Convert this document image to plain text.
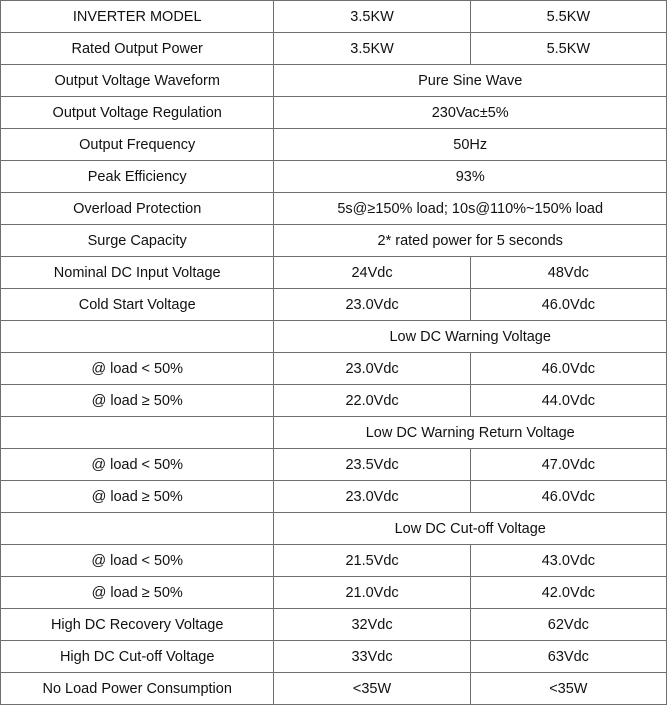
INVERTER MODEL	3.5KW	5.5KW
Rated Output Power	3.5KW	5.5KW
Output Voltage Waveform	Pure Sine Wave	
Output Voltage Regulation	230Vac±5%	
Output Frequency	50Hz	
Peak Efficiency	93%	
Overload Protection	5s@≥150% load; 10s@110%~150% load	
Surge Capacity	2* rated power for 5 seconds	
Nominal DC Input Voltage	24Vdc	48Vdc
Cold Start Voltage	23.0Vdc	46.0Vdc
	Low DC Warning Voltage	
@ load < 50%	23.0Vdc	46.0Vdc
@ load ≥ 50%	22.0Vdc	44.0Vdc
	Low DC Warning Return Voltage	
@ load < 50%	23.5Vdc	47.0Vdc
@ load ≥ 50%	23.0Vdc	46.0Vdc
	Low DC Cut-off Voltage	
@ load < 50%	21.5Vdc	43.0Vdc
@ load ≥ 50%	21.0Vdc	42.0Vdc
High DC Recovery Voltage	32Vdc	62Vdc
High DC Cut-off Voltage	33Vdc	63Vdc
No Load Power Consumption	<35W	<35W
